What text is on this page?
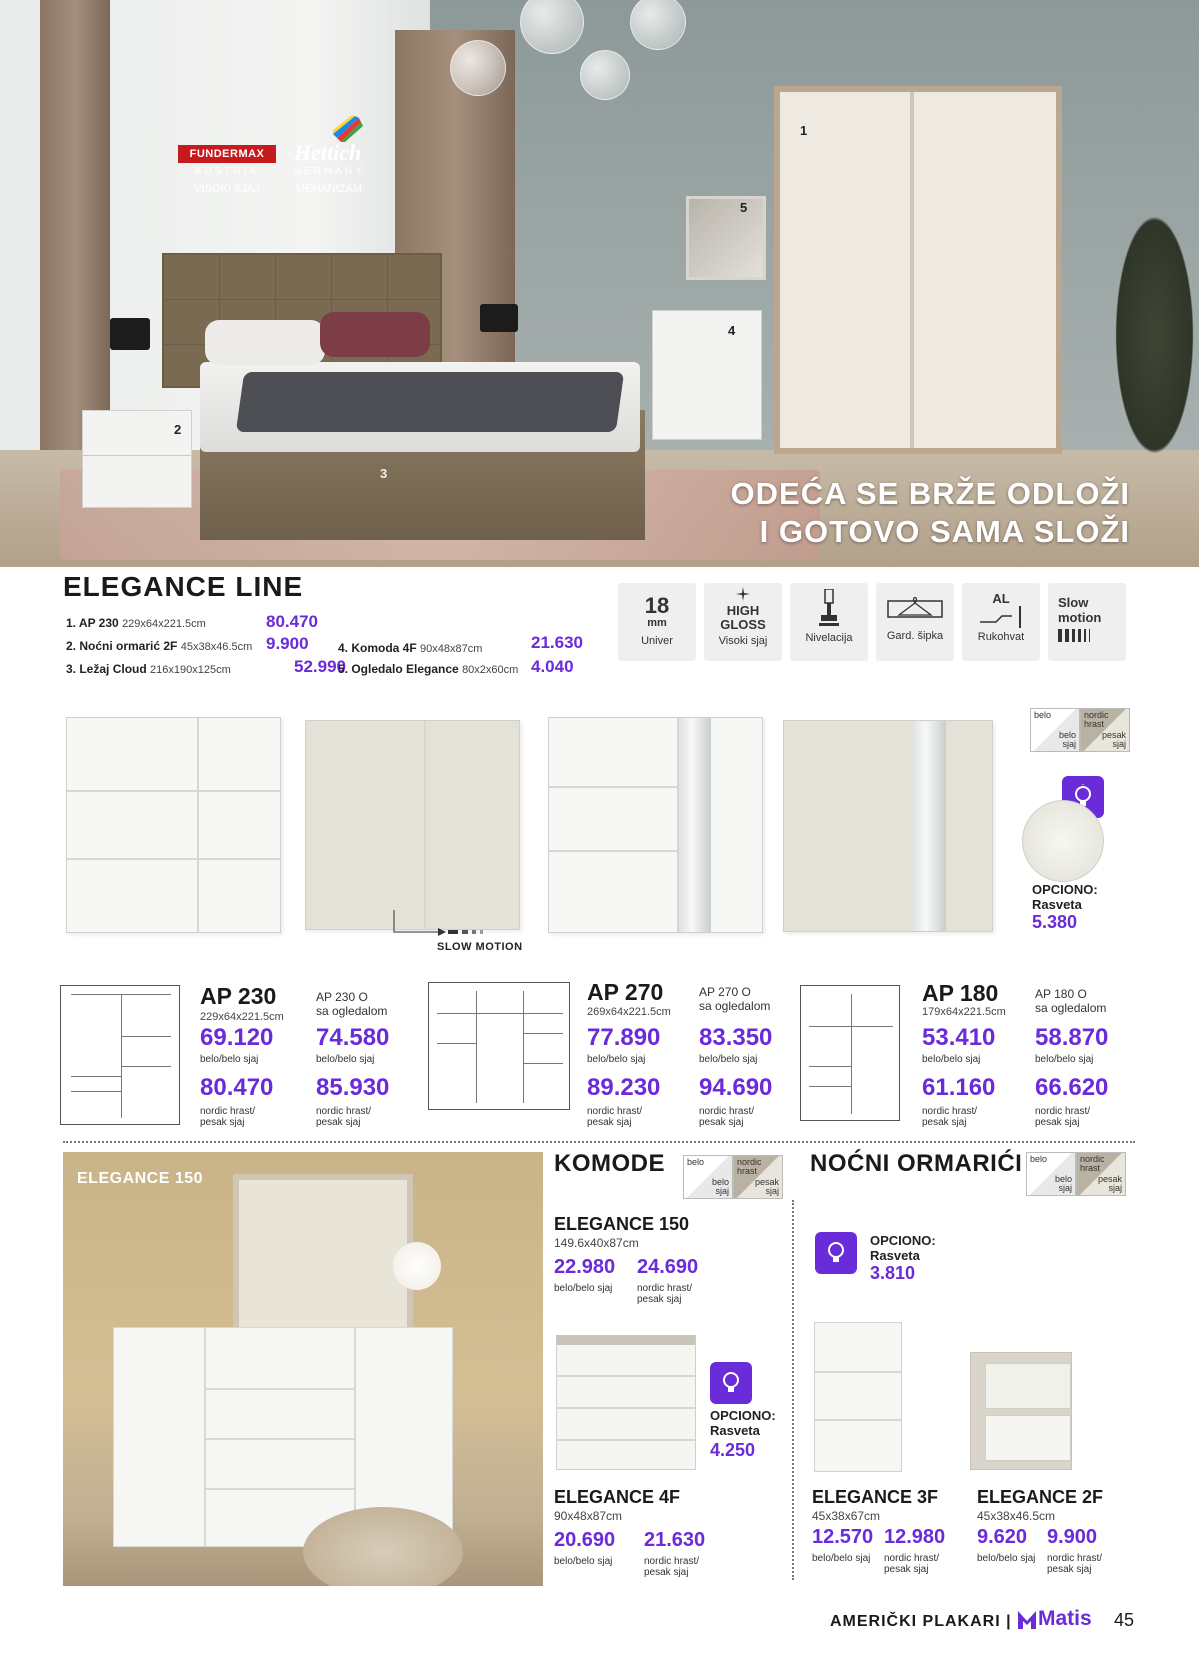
1
2
3
4
5
FUNDERMAX
AUSTRIA
VISOKI SJAJ
Hettich
GERMANY
MEHANIZAM
ODEĆA SE BRŽE ODLOŽI
I GOTOVO SAMA SLOŽI
ELEGANCE LINE
1. AP 230 229x64x221.5cm	80.470
2. Noćni ormarić 2F 45x38x46.5cm 9.900
3. Ležaj Cloud 216x190x125cm	52.990
4. Komoda 4F 90x48x87cm	21.630
5. Ogledalo Elegance 80x2x60cm 4.040
18
mm
Univer
HIGH
GLOSS
Visoki sjaj	Nivelacija	Gard. šipka
AL
Rukohvat
Slow
motion
SLOW MOTION
belo
belo
sjaj
nordic
hrast
pesak
sjaj
OPCIONO:
Rasveta
5.380
AP 230
229x64x221.5cm
AP 230 O
sa ogledalom
69.120 74.580
belo/belo sjaj	belo/belo sjaj
80.470 85.930
nordic hrast/
pesak sjaj
nordic hrast/
pesak sjaj
AP 270
269x64x221.5cm
AP 270 O
sa ogledalom
77.890 83.350
belo/belo sjaj	belo/belo sjaj
89.230 94.690
nordic hrast/
pesak sjaj
nordic hrast/
pesak sjaj
AP 180
179x64x221.5cm
AP 180 O
sa ogledalom
53.410 58.870
belo/belo sjaj	belo/belo sjaj
61.160 66.620
nordic hrast/
pesak sjaj
nordic hrast/
pesak sjaj
ELEGANCE 150
KOMODE belo
belo
sjaj
nordic
hrast
pesak
sjaj
ELEGANCE 150
149.6x40x87cm
22.980 24.690
belo/belo sjaj nordic hrast/
pesak sjaj
OPCIONO:
Rasveta
4.250
ELEGANCE 4F
90x48x87cm
20.690 21.630
belo/belo sjaj	nordic hrast/
pesak sjaj
NOĆNI ORMARIĆI belo
belo
sjaj
nordic
hrast
pesak
sjaj
OPCIONO:
Rasveta
3.810
ELEGANCE 3F
45x38x67cm
12.570 12.980
belo/belo sjaj nordic hrast/
pesak sjaj
ELEGANCE 2F
45x38x46.5cm
9.620 9.900
belo/belo sjaj nordic hrast/
pesak sjaj
AMERIČKI PLAKARI | Matis 45
